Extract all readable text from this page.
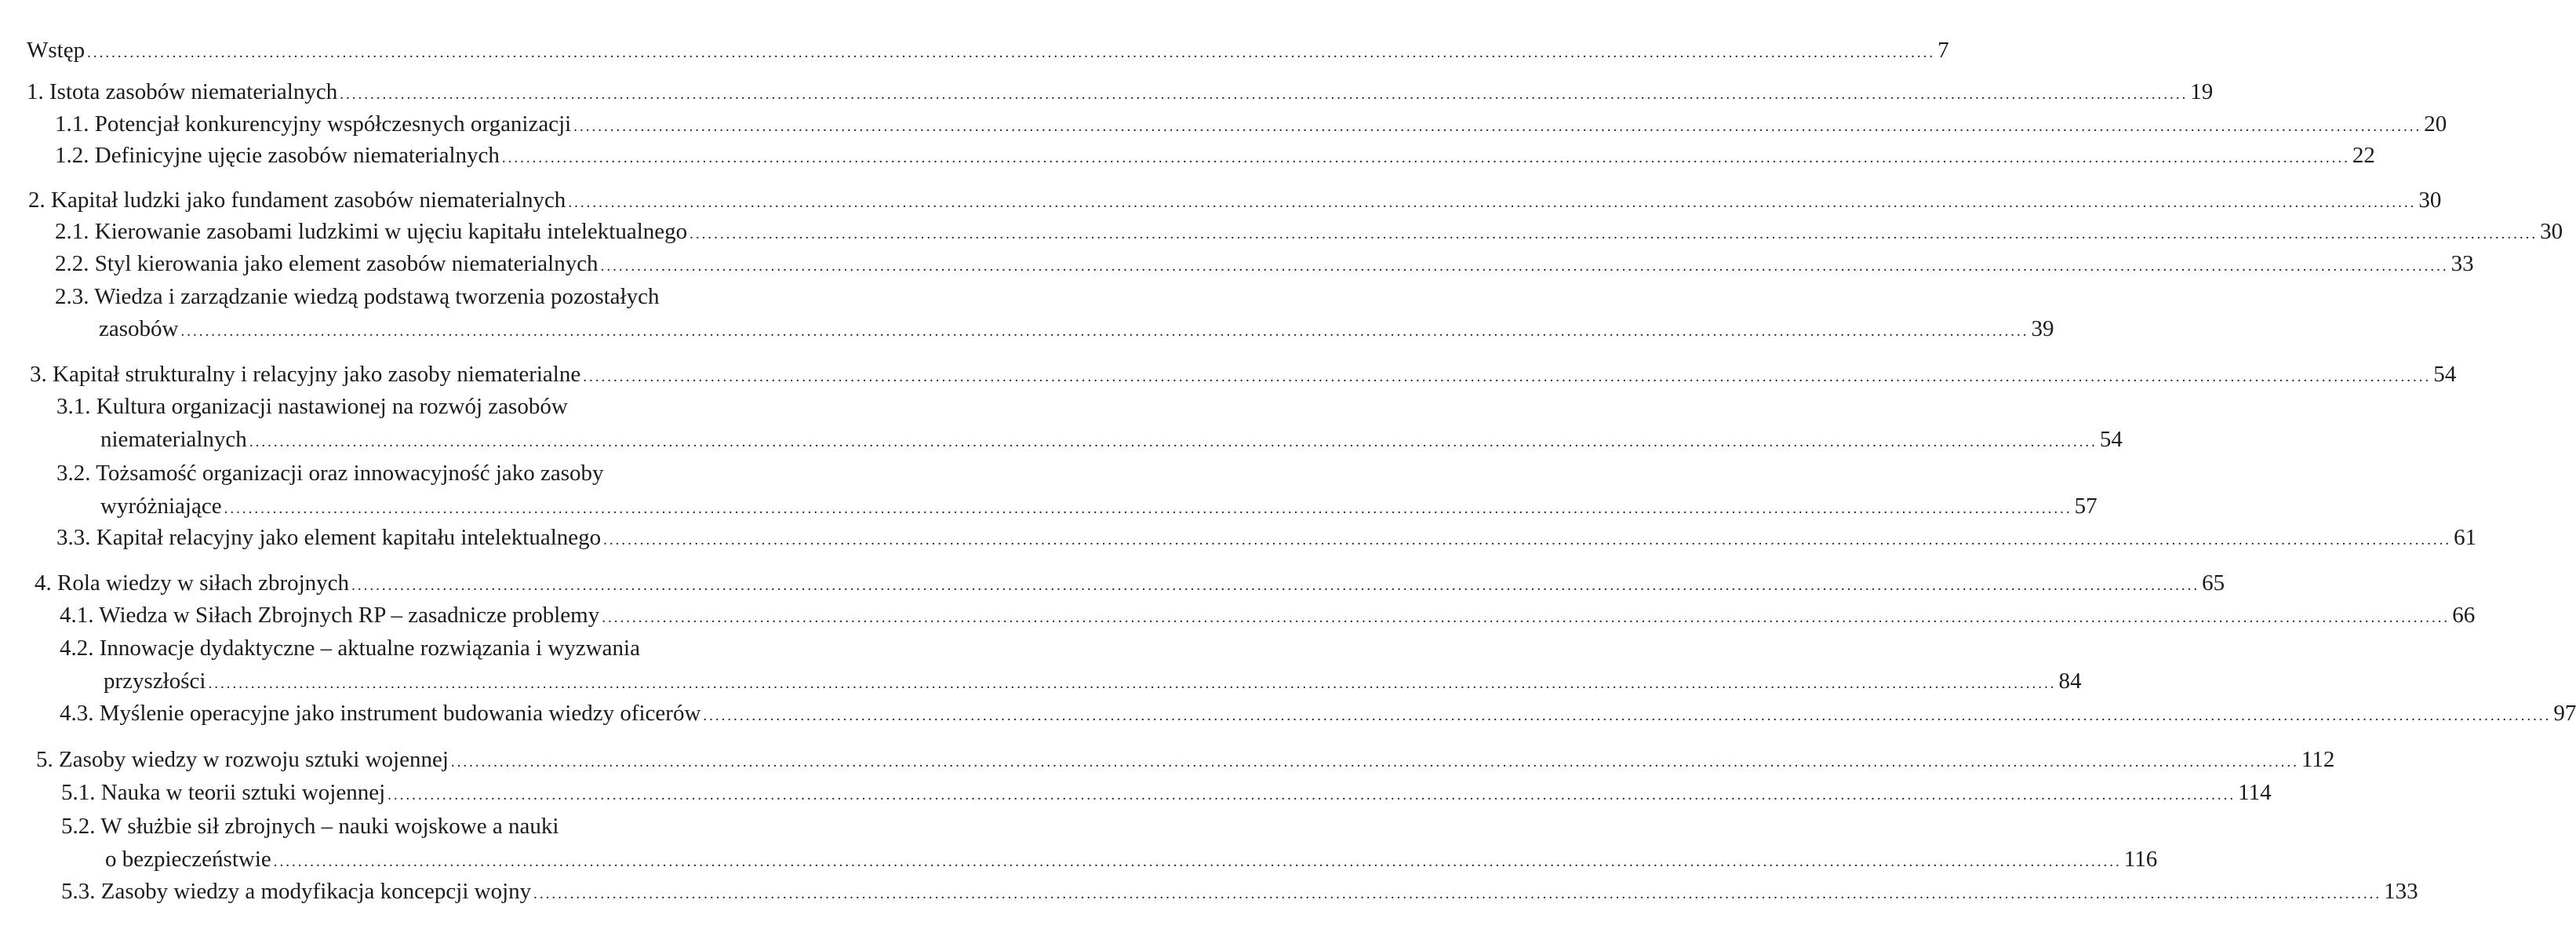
Wstęp ................................................................................................................................................................................................................................................................................................................ 7
1. Istota zasobów niematerialnych ................................................................................................................................................................................................................................................................................................................ 19
1.1. Potencjał konkurencyjny współczesnych organizacji ................................................................................................................................................................................................................................................................................................................ 20
1.2. Definicyjne ujęcie zasobów niematerialnych ................................................................................................................................................................................................................................................................................................................ 22
2. Kapitał ludzki jako fundament zasobów niematerialnych ................................................................................................................................................................................................................................................................................................................ 30
2.1. Kierowanie zasobami ludzkimi w ujęciu kapitału intelektualnego ................................................................................................................................................................................................................................................................................................................ 30
2.2. Styl kierowania jako element zasobów niematerialnych ................................................................................................................................................................................................................................................................................................................ 33
2.3. Wiedza i zarządzanie wiedzą podstawą tworzenia pozostałych
zasobów ................................................................................................................................................................................................................................................................................................................ 39
3. Kapitał strukturalny i relacyjny jako zasoby niematerialne ................................................................................................................................................................................................................................................................................................................ 54
3.1. Kultura organizacji nastawionej na rozwój zasobów
niematerialnych ................................................................................................................................................................................................................................................................................................................ 54
3.2. Tożsamość organizacji oraz innowacyjność jako zasoby
wyróżniające ................................................................................................................................................................................................................................................................................................................ 57
3.3. Kapitał relacyjny jako element kapitału intelektualnego ................................................................................................................................................................................................................................................................................................................ 61
4. Rola wiedzy w siłach zbrojnych ................................................................................................................................................................................................................................................................................................................ 65
4.1. Wiedza w Siłach Zbrojnych RP – zasadnicze problemy ................................................................................................................................................................................................................................................................................................................ 66
4.2. Innowacje dydaktyczne – aktualne rozwiązania i wyzwania
przyszłości ................................................................................................................................................................................................................................................................................................................ 84
4.3. Myślenie operacyjne jako instrument budowania wiedzy oficerów ................................................................................................................................................................................................................................................................................................................ 97
5. Zasoby wiedzy w rozwoju sztuki wojennej ................................................................................................................................................................................................................................................................................................................ 112
5.1. Nauka w teorii sztuki wojennej ................................................................................................................................................................................................................................................................................................................ 114
5.2. W służbie sił zbrojnych – nauki wojskowe a nauki
o bezpieczeństwie ................................................................................................................................................................................................................................................................................................................ 116
5.3. Zasoby wiedzy a modyfikacja koncepcji wojny ................................................................................................................................................................................................................................................................................................................ 133
